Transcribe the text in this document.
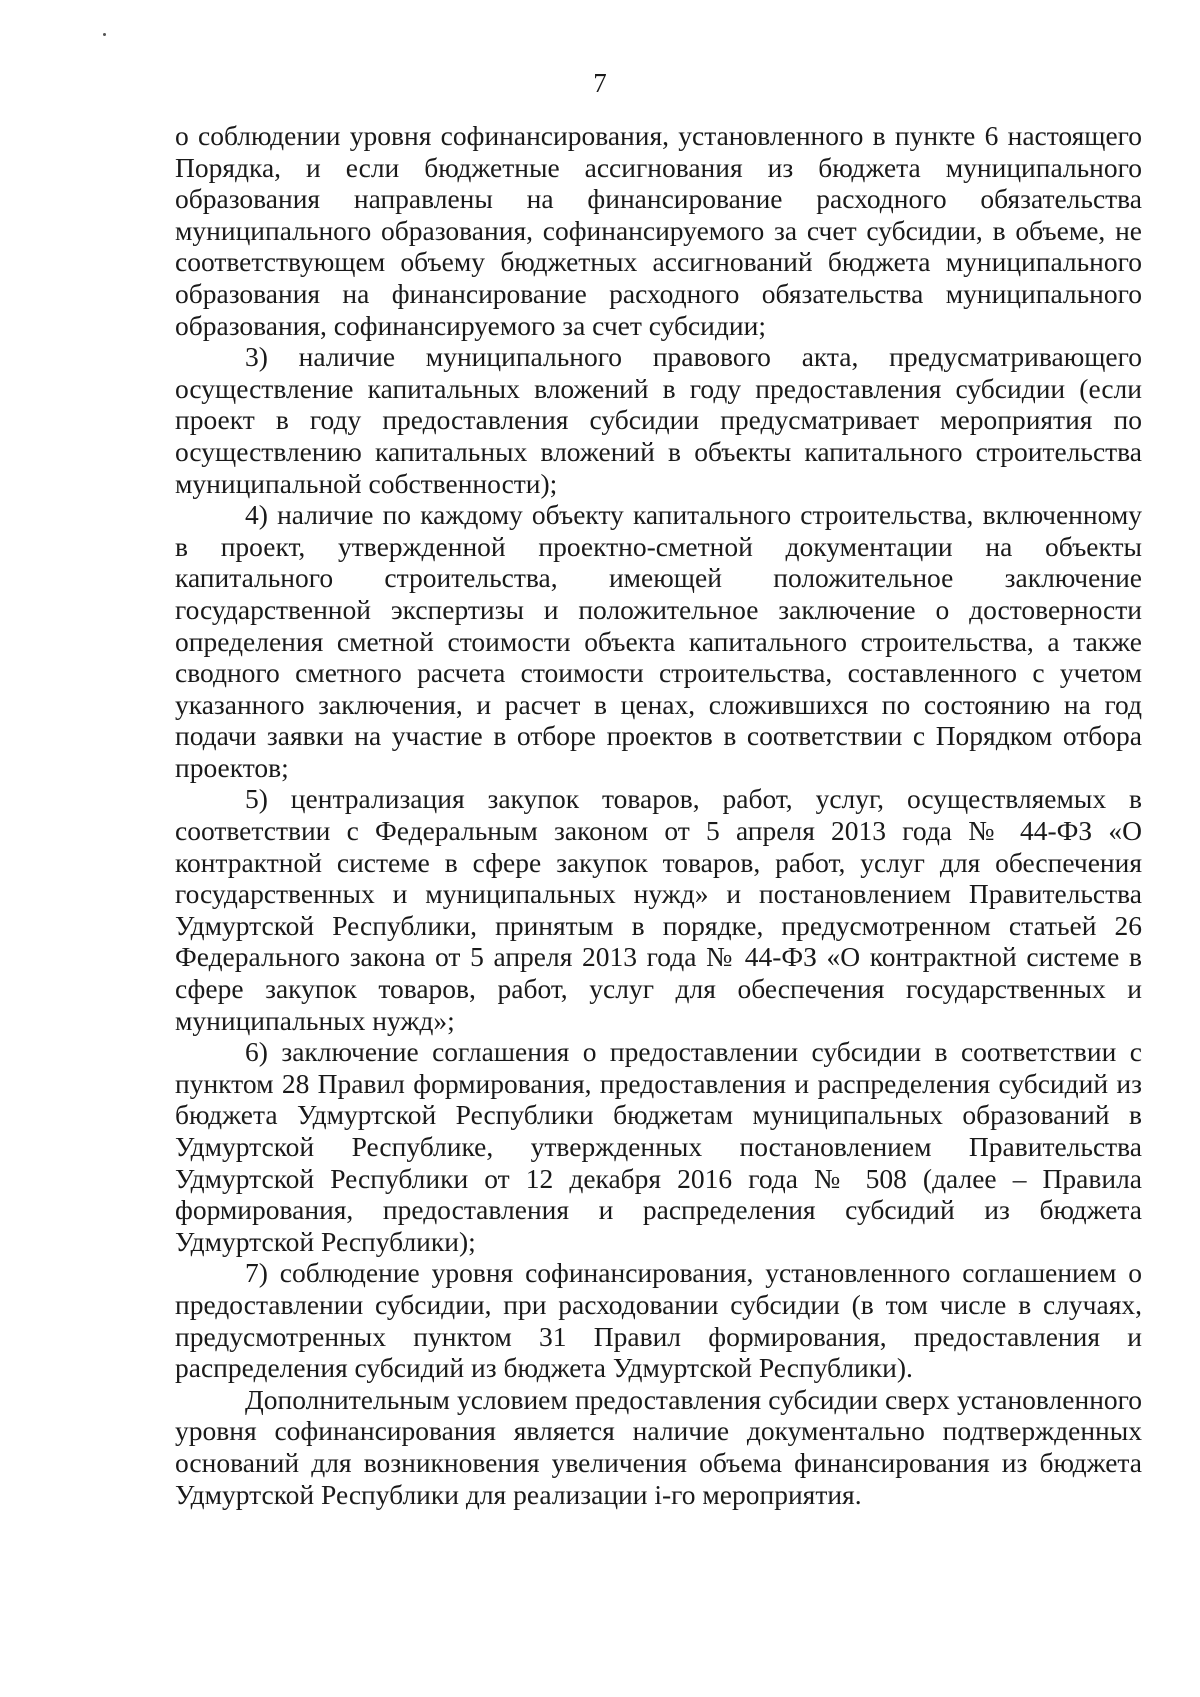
7

о соблюдении уровня софинансирования, установленного в пункте 6 настоящего Порядка, и если бюджетные ассигнования из бюджета муниципального образования направлены на финансирование расходного обязательства муниципального образования, софинансируемого за счет субсидии, в объеме, не соответствующем объему бюджетных ассигнований бюджета муниципального образования на финансирование расходного обязательства муниципального образования, софинансируемого за счет субсидии;

3) наличие муниципального правового акта, предусматривающего осуществление капитальных вложений в году предоставления субсидии (если проект в году предоставления субсидии предусматривает мероприятия по осуществлению капитальных вложений в объекты капитального строительства муниципальной собственности);

4) наличие по каждому объекту капитального строительства, включенному в проект, утвержденной проектно-сметной документации на объекты капитального строительства, имеющей положительное заключение государственной экспертизы и положительное заключение о достоверности определения сметной стоимости объекта капитального строительства, а также сводного сметного расчета стоимости строительства, составленного с учетом указанного заключения, и расчет в ценах, сложившихся по состоянию на год подачи заявки на участие в отборе проектов в соответствии с Порядком отбора проектов;

5) централизация закупок товаров, работ, услуг, осуществляемых в соответствии с Федеральным законом от 5 апреля 2013 года № 44-ФЗ «О контрактной системе в сфере закупок товаров, работ, услуг для обеспечения государственных и муниципальных нужд» и постановлением Правительства Удмуртской Республики, принятым в порядке, предусмотренном статьей 26 Федерального закона от 5 апреля 2013 года № 44-ФЗ «О контрактной системе в сфере закупок товаров, работ, услуг для обеспечения государственных и муниципальных нужд»;

6) заключение соглашения о предоставлении субсидии в соответствии с пунктом 28 Правил формирования, предоставления и распределения субсидий из бюджета Удмуртской Республики бюджетам муниципальных образований в Удмуртской Республике, утвержденных постановлением Правительства Удмуртской Республики от 12 декабря 2016 года № 508 (далее – Правила формирования, предоставления и распределения субсидий из бюджета Удмуртской Республики);

7) соблюдение уровня софинансирования, установленного соглашением о предоставлении субсидии, при расходовании субсидии (в том числе в случаях, предусмотренных пунктом 31 Правил формирования, предоставления и распределения субсидий из бюджета Удмуртской Республики).

Дополнительным условием предоставления субсидии сверх установленного уровня софинансирования является наличие документально подтвержденных оснований для возникновения увеличения объема финансирования из бюджета Удмуртской Республики для реализации i-го мероприятия.
